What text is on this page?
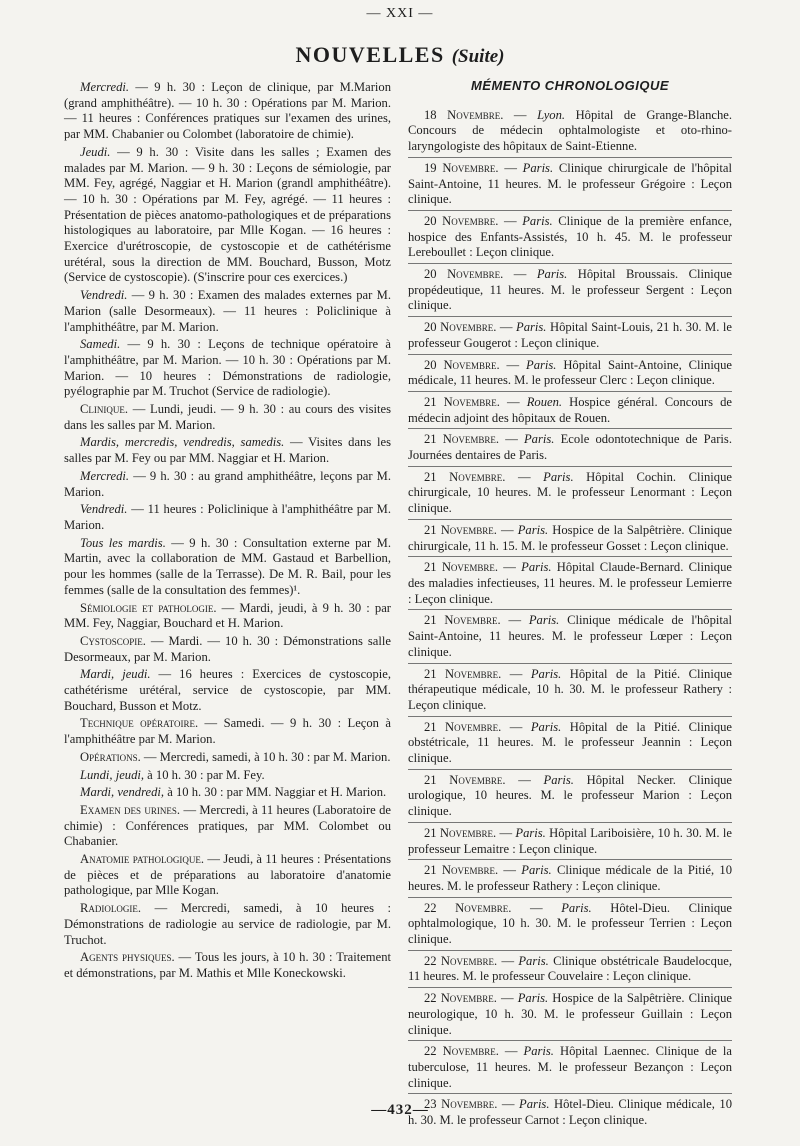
— XXI —
NOUVELLES (Suite)

Mercredi. — 9 h. 30 : Leçon de clinique, par M.Marion (grand amphithéâtre). — 10 h. 30 : Opérations par M. Marion. — 11 heures : Conférences pratiques sur l'examen des urines, par MM. Chabanier ou Colombet (laboratoire de chimie).

Jeudi. — 9 h. 30 : Visite dans les salles ; Examen des malades par M. Marion. — 9 h. 30 : Leçons de sémiologie, par MM. Fey, agrégé, Naggiar et H. Marion (grandl amphithéâtre). — 10 h. 30 : Opérations par M. Fey, agrégé. — 11 heures : Présentation de pièces anatomo-pathologiques et de préparations histologiques au laboratoire, par Mlle Kogan. — 16 heures : Exercice d'urétroscopie, de cystoscopie et de cathétérisme urétéral, sous la direction de MM. Bouchard, Busson, Motz (Service de cystoscopie). (S'inscrire pour ces exercices.)

Vendredi. — 9 h. 30 : Examen des malades externes par M. Marion (salle Desormeaux). — 11 heures : Policlinique à l'amphithéâtre, par M. Marion.

Samedi. — 9 h. 30 : Leçons de technique opératoire à l'amphithéâtre, par M. Marion. — 10 h. 30 : Opérations par M. Marion. — 10 heures : Démonstrations de radiologie, pyélographie par M. Truchot (Service de radiologie).

Clinique. — Lundi, jeudi. — 9 h. 30 : au cours des visites dans les salles par M. Marion.

Mardis, mercredis, vendredis, samedis. — Visites dans les salles par M. Fey ou par MM. Naggiar et H. Marion.

Mercredi. — 9 h. 30 : au grand amphithéâtre, leçons par M. Marion.

Vendredi. — 11 heures : Policlinique à l'amphithéâtre par M. Marion.

Tous les mardis. — 9 h. 30 : Consultation externe par M. Martin, avec la collaboration de MM. Gastaud et Barbellion, pour les hommes (salle de la Terrasse). De M. R. Bail, pour les femmes (salle de la consultation des femmes)¹.

Sémiologie et pathologie. — Mardi, jeudi, à 9 h. 30 : par MM. Fey, Naggiar, Bouchard et H. Marion.

Cystoscopie. — Mardi. — 10 h. 30 : Démonstrations salle Desormeaux, par M. Marion.

Mardi, jeudi. — 16 heures : Exercices de cystoscopie, cathétérisme urétéral, service de cystoscopie, par MM. Bouchard, Busson et Motz.

Technique opératoire. — Samedi. — 9 h. 30 : Leçon à l'amphithéâtre par M. Marion.

Opérations. — Mercredi, samedi, à 10 h. 30 : par M. Marion.

Lundi, jeudi, à 10 h. 30 : par M. Fey.

Mardi, vendredi, à 10 h. 30 : par MM. Naggiar et H. Marion.

Examen des urines. — Mercredi, à 11 heures (Laboratoire de chimie) : Conférences pratiques, par MM. Colombet ou Chabanier.

Anatomie pathologique. — Jeudi, à 11 heures : Présentations de pièces et de préparations au laboratoire d'anatomie pathologique, par Mlle Kogan.

Radiologie. — Mercredi, samedi, à 10 heures : Démonstrations de radiologie au service de radiologie, par M. Truchot.

Agents physiques. — Tous les jours, à 10 h. 30 : Traitement et démonstrations, par M. Mathis et Mlle Koneckowski.

MÉMENTO CHRONOLOGIQUE

18 Novembre. — Lyon. Hôpital de Grange-Blanche. Concours de médecin ophtalmologiste et oto-rhino-laryngologiste des hôpitaux de Saint-Etienne.

19 Novembre. — Paris. Clinique chirurgicale de l'hôpital Saint-Antoine, 11 heures. M. le professeur Grégoire : Leçon clinique.

20 Novembre. — Paris. Clinique de la première enfance, hospice des Enfants-Assistés, 10 h. 45. M. le professeur Lereboullet : Leçon clinique.

20 Novembre. — Paris. Hôpital Broussais. Clinique propédeutique, 11 heures. M. le professeur Sergent : Leçon clinique.

20 Novembre. — Paris. Hôpital Saint-Louis, 21 h. 30. M. le professeur Gougerot : Leçon clinique.

20 Novembre. — Paris. Hôpital Saint-Antoine, Clinique médicale, 11 heures. M. le professeur Clerc : Leçon clinique.

21 Novembre. — Rouen. Hospice général. Concours de médecin adjoint des hôpitaux de Rouen.

21 Novembre. — Paris. Ecole odontotechnique de Paris. Journées dentaires de Paris.

21 Novembre. — Paris. Hôpital Cochin. Clinique chirurgicale, 10 heures. M. le professeur Lenormant : Leçon clinique.

21 Novembre. — Paris. Hospice de la Salpêtrière. Clinique chirurgicale, 11 h. 15. M. le professeur Gosset : Leçon clinique.

21 Novembre. — Paris. Hôpital Claude-Bernard. Clinique des maladies infectieuses, 11 heures. M. le professeur Lemierre : Leçon clinique.

21 Novembre. — Paris. Clinique médicale de l'hôpital Saint-Antoine, 11 heures. M. le professeur Lœper : Leçon clinique.

21 Novembre. — Paris. Hôpital de la Pitié. Clinique thérapeutique médicale, 10 h. 30. M. le professeur Rathery : Leçon clinique.

21 Novembre. — Paris. Hôpital de la Pitié. Clinique obstétricale, 11 heures. M. le professeur Jeannin : Leçon clinique.

21 Novembre. — Paris. Hôpital Necker. Clinique urologique, 10 heures. M. le professeur Marion : Leçon clinique.

21 Novembre. — Paris. Hôpital Lariboisière, 10 h. 30. M. le professeur Lemaitre : Leçon clinique.

21 Novembre. — Paris. Clinique médicale de la Pitié, 10 heures. M. le professeur Rathery : Leçon clinique.

22 Novembre. — Paris. Hôtel-Dieu. Clinique ophtalmologique, 10 h. 30. M. le professeur Terrien : Leçon clinique.

22 Novembre. — Paris. Clinique obstétricale Baudelocque, 11 heures. M. le professeur Couvelaire : Leçon clinique.

22 Novembre. — Paris. Hospice de la Salpêtrière. Clinique neurologique, 10 h. 30. M. le professeur Guillain : Leçon clinique.

22 Novembre. — Paris. Hôpital Laennec. Clinique de la tuberculose, 11 heures. M. le professeur Bezançon : Leçon clinique.

23 Novembre. — Paris. Hôtel-Dieu. Clinique médicale, 10 h. 30. M. le professeur Carnot : Leçon clinique.

—432—
